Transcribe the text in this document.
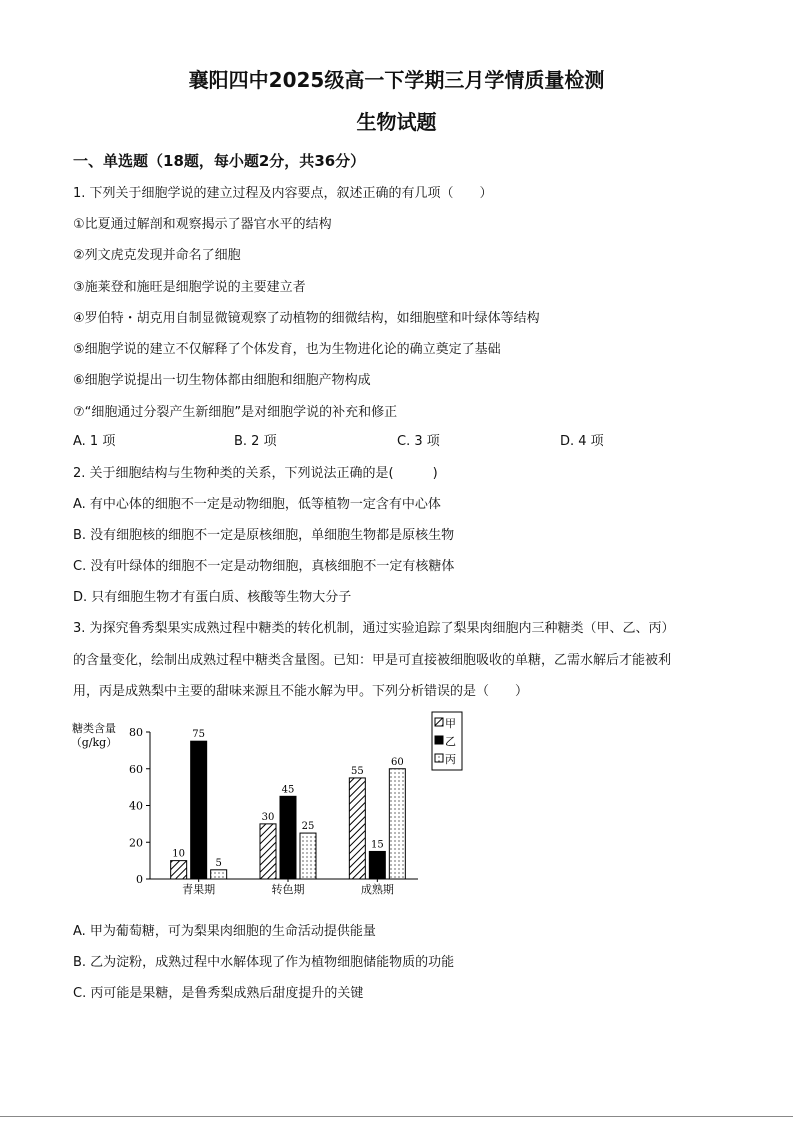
襄阳四中2025级高一下学期三月学情质量检测
生物试题
一、单选题（18题，每小题2分，共36分）
1. 下列关于细胞学说的建立过程及内容要点，叙述正确的有几项（　　）
①比夏通过解剖和观察揭示了器官水平的结构
②列文虎克发现并命名了细胞
③施莱登和施旺是细胞学说的主要建立者
④罗伯特・胡克用自制显微镜观察了动植物的细微结构，如细胞壁和叶绿体等结构
⑤细胞学说的建立不仅解释了个体发育，也为生物进化论的确立奠定了基础
⑥细胞学说提出一切生物体都由细胞和细胞产物构成
⑦“细胞通过分裂产生新细胞”是对细胞学说的补充和修正
A. 1 项	B. 2 项	C. 3 项	D. 4 项
2. 关于细胞结构与生物种类的关系，下列说法正确的是(　　　)
A. 有中心体的细胞不一定是动物细胞，低等植物一定含有中心体
B. 没有细胞核的细胞不一定是原核细胞，单细胞生物都是原核生物
C. 没有叶绿体的细胞不一定是动物细胞，真核细胞不一定有核糖体
D. 只有细胞生物才有蛋白质、核酸等生物大分子
3. 为探究鲁秀梨果实成熟过程中糖类的转化机制，通过实验追踪了梨果肉细胞内三种糖类（甲、乙、丙）
的含量变化，绘制出成熟过程中糖类含量图。已知：甲是可直接被细胞吸收的单糖，乙需水解后才能被利
用，丙是成熟梨中主要的甜味来源且不能水解为甲。下列分析错误的是（　　）
糖类含量
（g/kg）
0
20
40
60
80
10
75
5
青果期
30
45
25
转色期
55
15
60
成熟期
甲
乙
丙
A. 甲为葡萄糖，可为梨果肉细胞的生命活动提供能量
B. 乙为淀粉，成熟过程中水解体现了作为植物细胞储能物质的功能
C. 丙可能是果糖，是鲁秀梨成熟后甜度提升的关键
